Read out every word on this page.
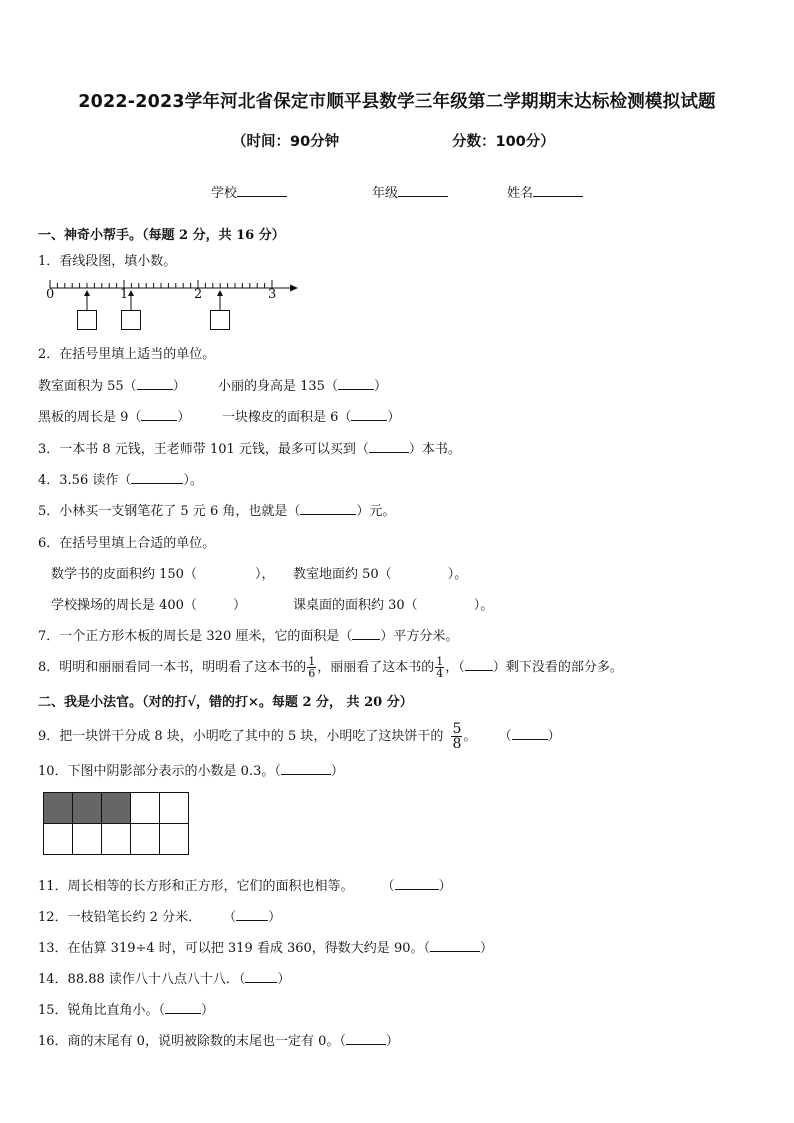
2022-2023学年河北省保定市顺平县数学三年级第二学期期末达标检测模拟试题
（时间：90分钟	分数：100分）
学校	年级	姓名
一、神奇小帮手。（每题 2 分，共 16 分）
1．看线段图，填小数。
0	1	2	3
2．在括号里填上适当的单位。
教室面积为 55（	） 小丽的身高是 135（	）
黑板的周长是 9（	） 一块橡皮的面积是 6（	）
3．一本书 8 元钱，王老师带 101 元钱，最多可以买到（	）本书。
4．3.56 读作（	）。
5．小林买一支钢笔花了 5 元 6 角，也就是（	）元。
6．在括号里填上合适的单位。
数学书的皮面积约 150（	）， 教室地面约 50（	）。
学校操场的周长是 400（	）	课桌面的面积约 30（	）。
7．一个正方形木板的周长是 320 厘米，它的面积是（ ）平方分米。
8．明明和丽丽看同一本书，明明看了这本书的 $\frac{1}{6}$ ，丽丽看了这本书的 $\frac{1}{4}$ ，（ ）剩下没看的部分多。
二、我是小法官。（对的打√，错的打×。每题 2 分， 共 20 分）
9．把一块饼干分成 8 块，小明吃了其中的 5 块，小明吃了这块饼干的 $\frac{5}{8}$ 。 （	）
10．下图中阴影部分表示的小数是 0.3。（	）

11．周长相等的长方形和正方形，它们的面积也相等。 （	）
12．一枝铅笔长约 2 分米． （ ）
13．在估算 319÷4 时，可以把 319 看成 360，得数大约是 90。（	）
14．88.88 读作八十八点八十八．（ ）
15．锐角比直角小。（	）
16．商的末尾有 0，说明被除数的末尾也一定有 0。（	）
